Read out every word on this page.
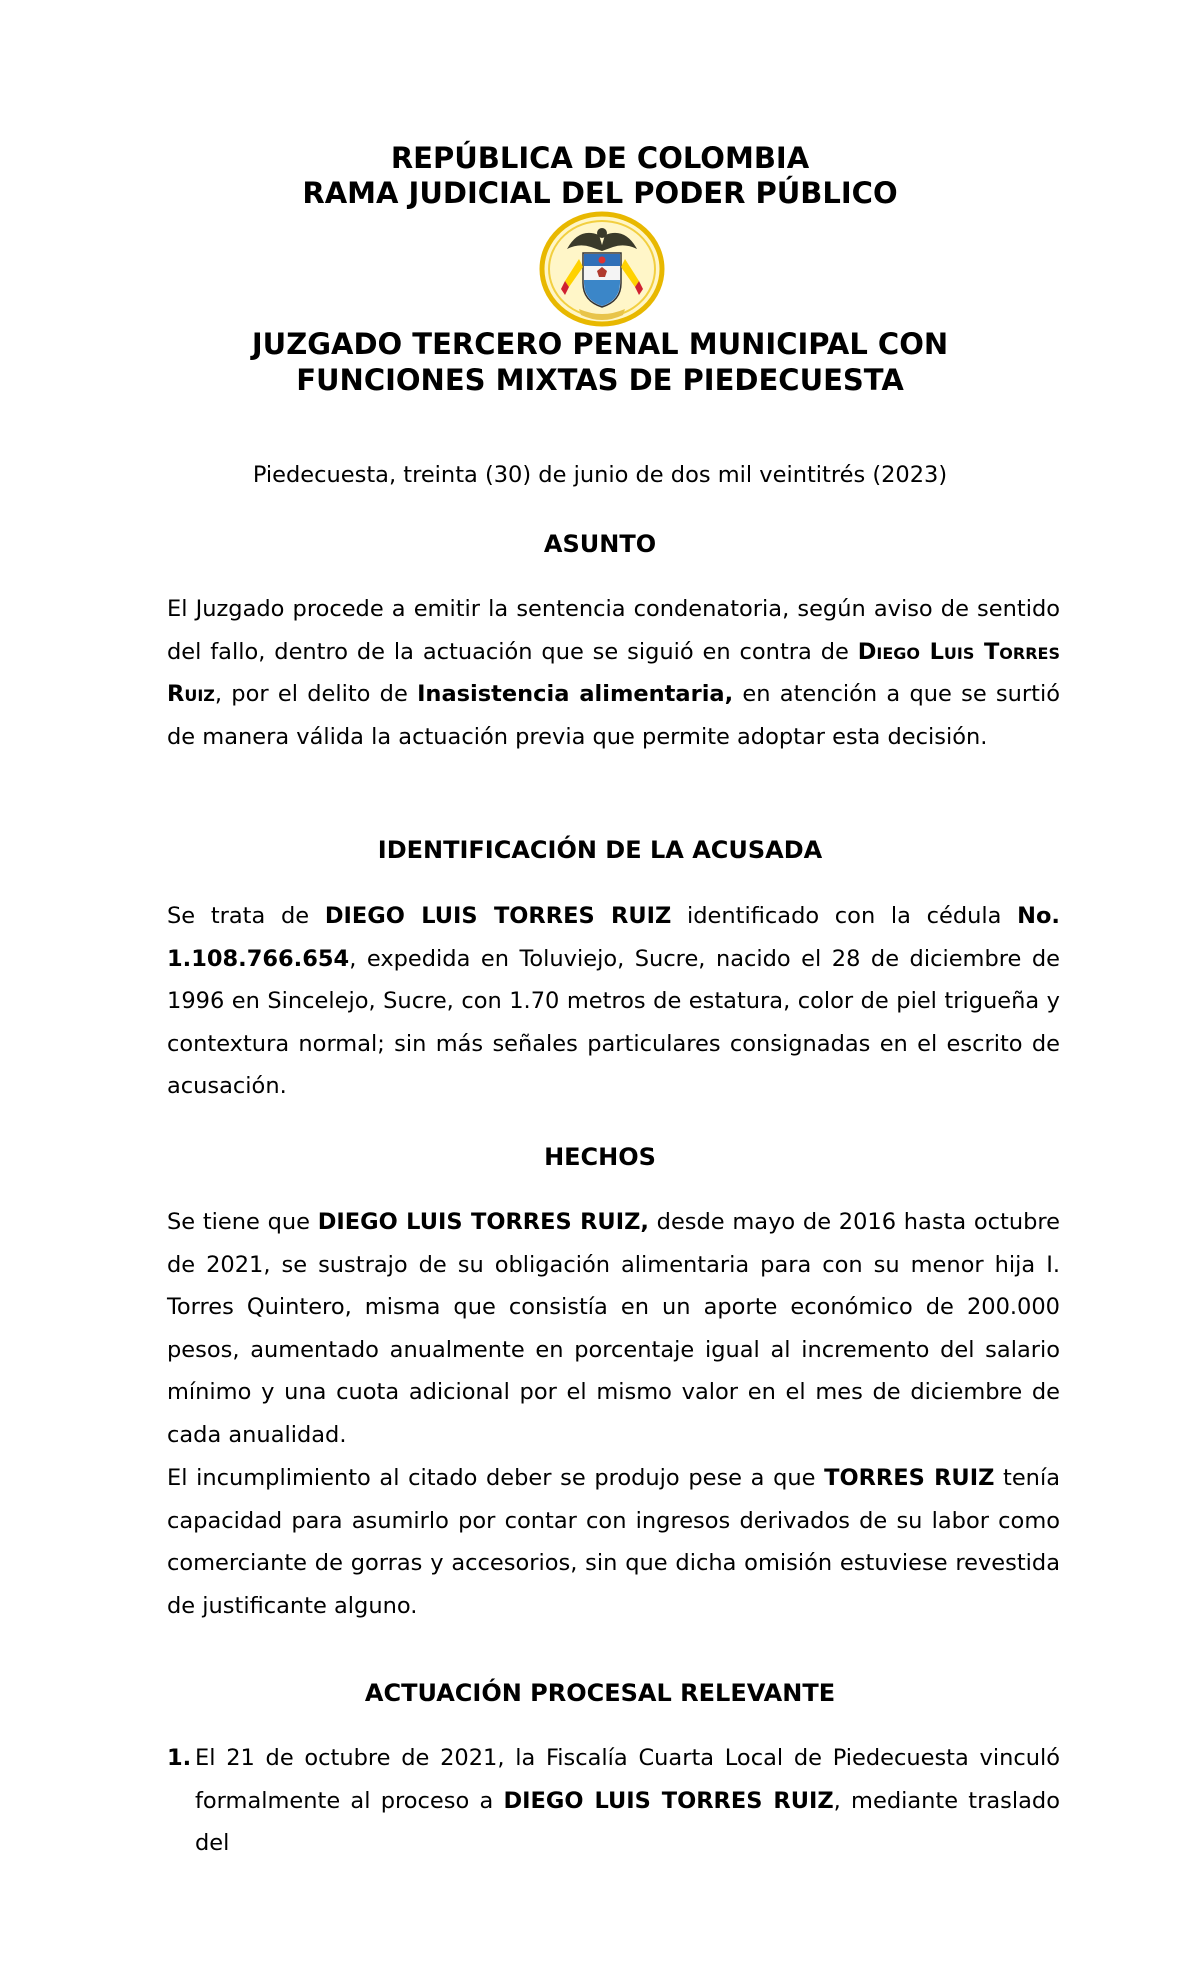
REPÚBLICA DE COLOMBIA
RAMA JUDICIAL DEL PODER PÚBLICO
JUZGADO TERCERO PENAL MUNICIPAL CON
FUNCIONES MIXTAS DE PIEDECUESTA
Piedecuesta, treinta (30) de junio de dos mil veintitrés (2023)
ASUNTO

El Juzgado procede a emitir la sentencia condenatoria, según aviso de sentido del fallo, dentro de la actuación que se siguió en contra de Diego Luis Torres Ruiz, por el delito de Inasistencia alimentaria, en atención a que se surtió de manera válida la actuación previa que permite adoptar esta decisión.

IDENTIFICACIÓN DE LA ACUSADA

Se trata de DIEGO LUIS TORRES RUIZ identificado con la cédula No. 1.108.766.654, expedida en Toluviejo, Sucre, nacido el 28 de diciembre de 1996 en Sincelejo, Sucre, con 1.70 metros de estatura, color de piel trigueña y contextura normal; sin más señales particulares consignadas en el escrito de acusación.

HECHOS

Se tiene que DIEGO LUIS TORRES RUIZ, desde mayo de 2016 hasta octubre de 2021, se sustrajo de su obligación alimentaria para con su menor hija I. Torres Quintero, misma que consistía en un aporte económico de 200.000 pesos, aumentado anualmente en porcentaje igual al incremento del salario mínimo y una cuota adicional por el mismo valor en el mes de diciembre de cada anualidad.

El incumplimiento al citado deber se produjo pese a que TORRES RUIZ tenía capacidad para asumirlo por contar con ingresos derivados de su labor como comerciante de gorras y accesorios, sin que dicha omisión estuviese revestida de justificante alguno.

ACTUACIÓN PROCESAL RELEVANTE
1. El 21 de octubre de 2021, la Fiscalía Cuarta Local de Piedecuesta vinculó formalmente al proceso a DIEGO LUIS TORRES RUIZ, mediante traslado del
